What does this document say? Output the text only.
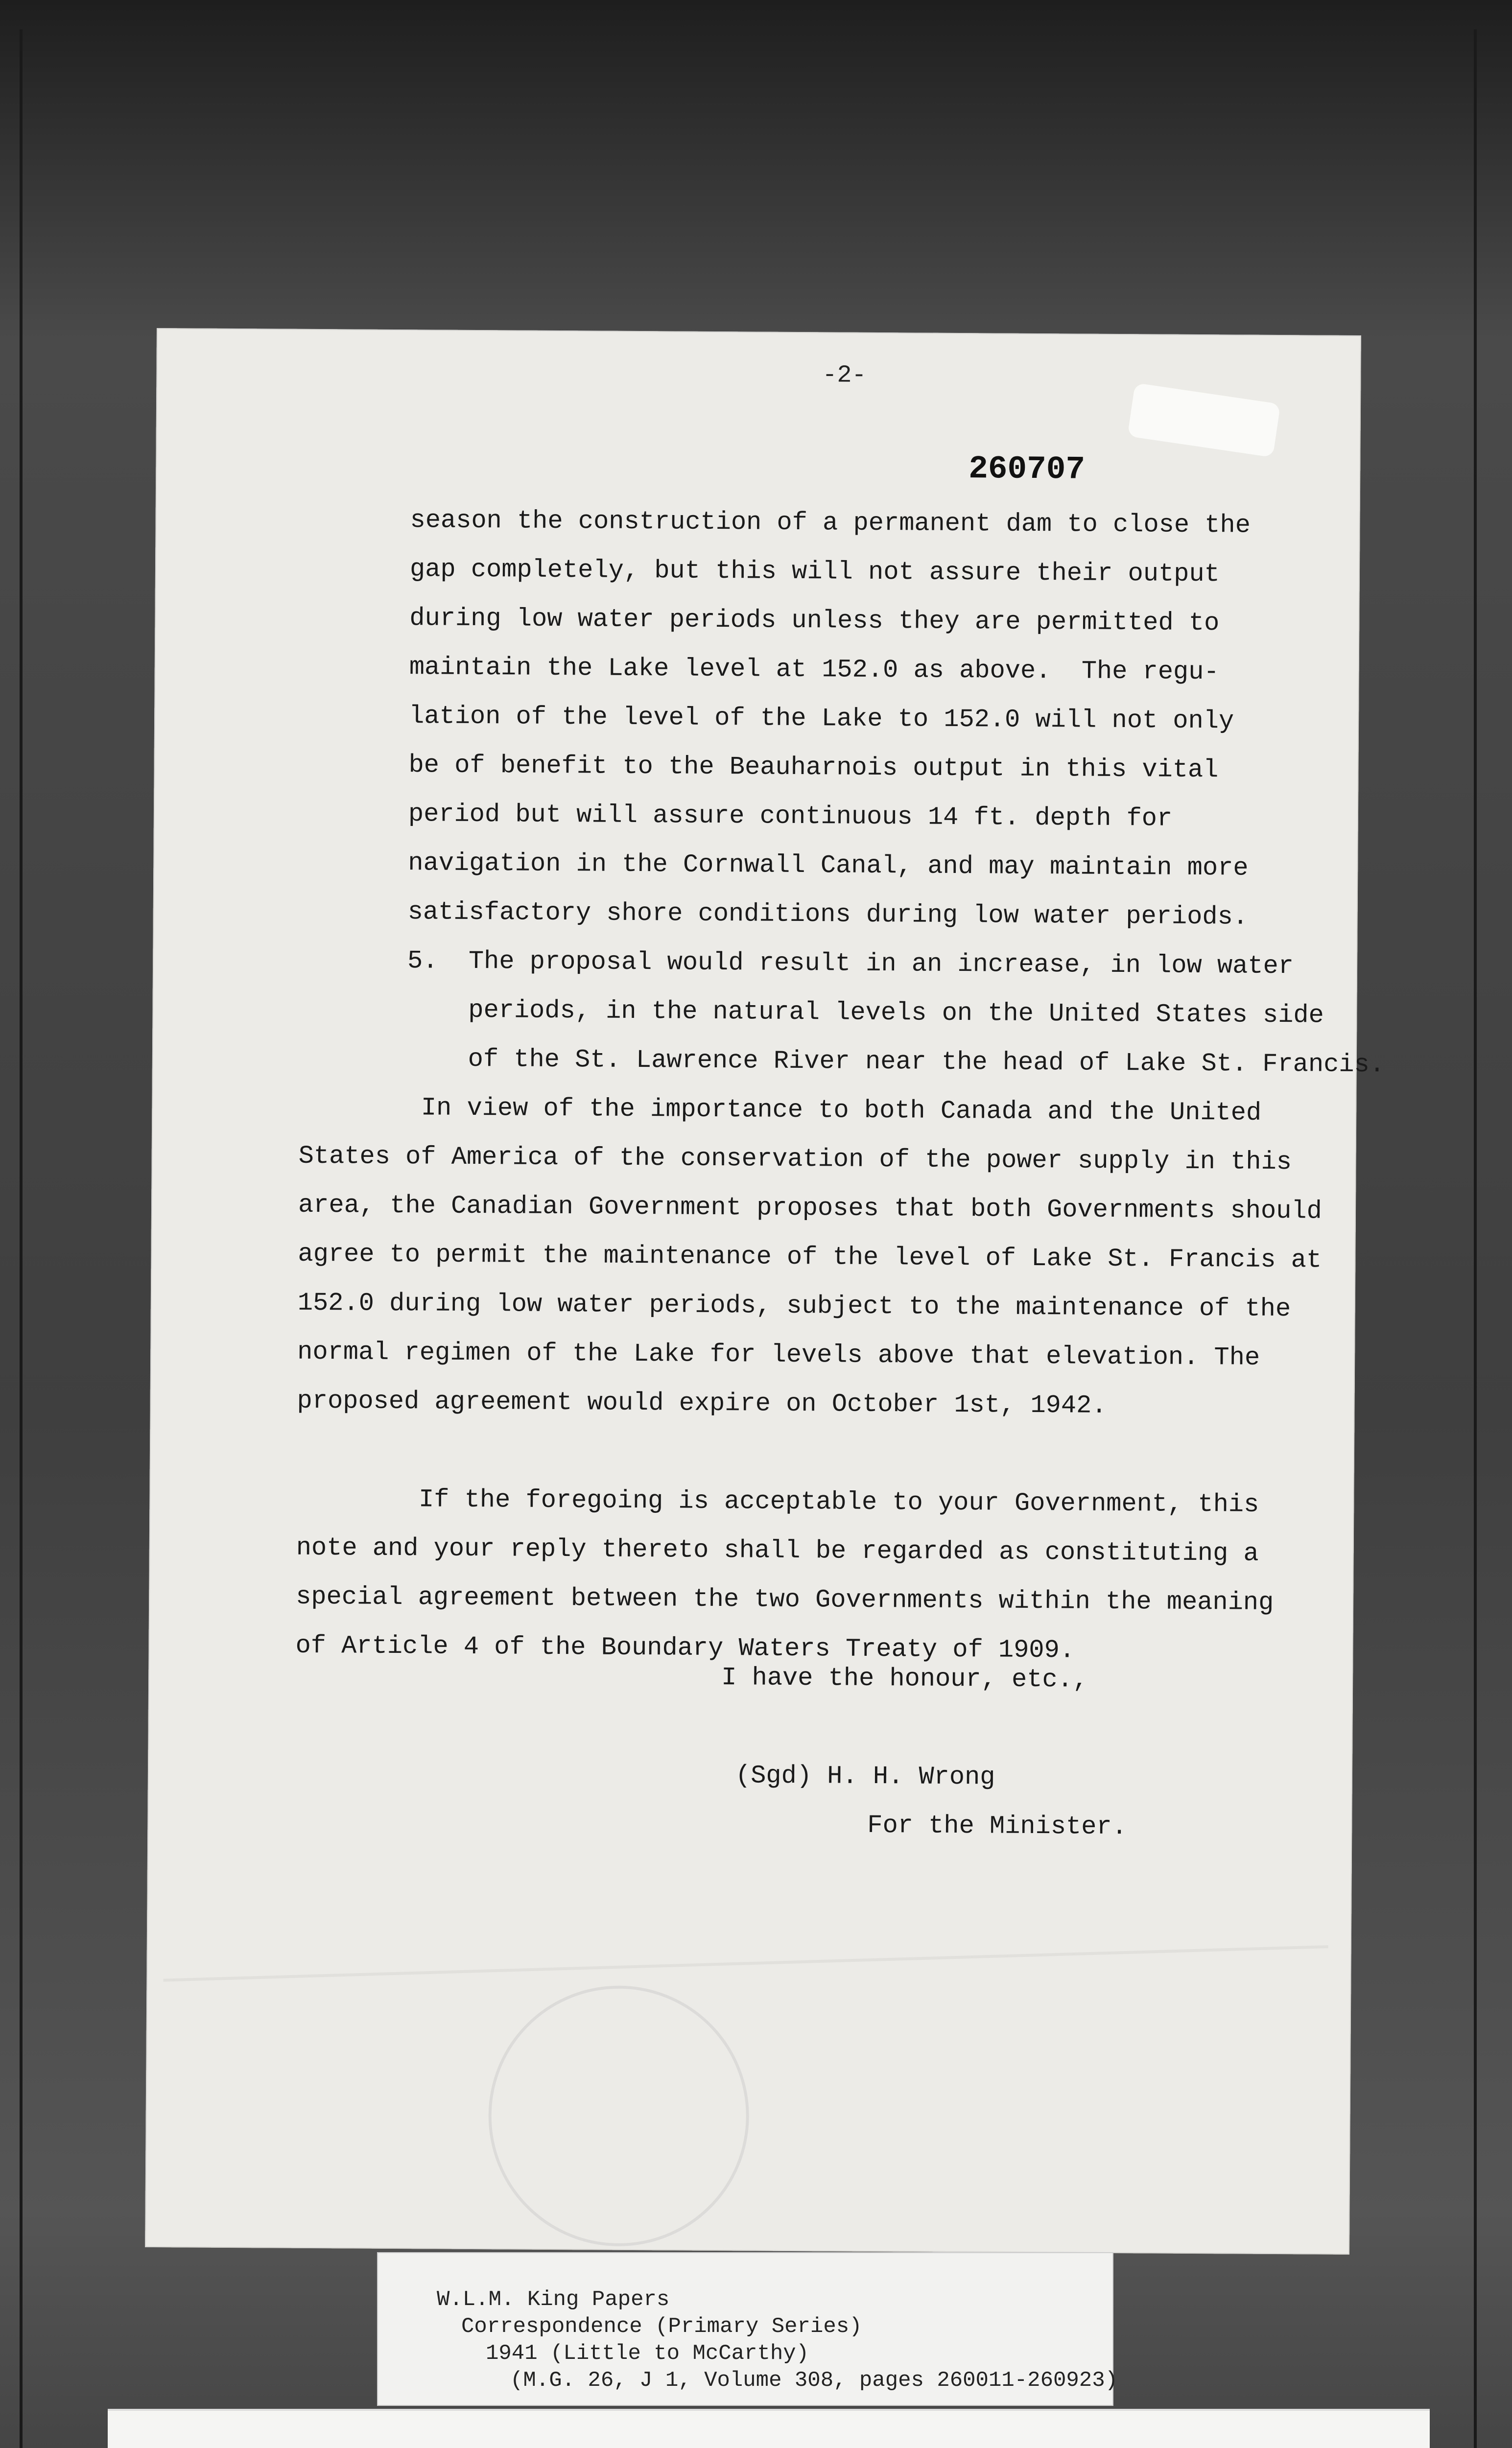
-2-
260707
season the construction of a permanent dam to close the
gap completely, but this will not assure their output
during low water periods unless they are permitted to
maintain the Lake level at 152.0 as above.  The regu-
lation of the level of the Lake to 152.0 will not only
be of benefit to the Beauharnois output in this vital
period but will assure continuous 14 ft. depth for
navigation in the Cornwall Canal, and may maintain more
satisfactory shore conditions during low water periods.
5.  The proposal would result in an increase, in low water
periods, in the natural levels on the United States side
of the St. Lawrence River near the head of Lake St. Francis.
In view of the importance to both Canada and the United
States of America of the conservation of the power supply in this
area, the Canadian Government proposes that both Governments should
agree to permit the maintenance of the level of Lake St. Francis at
152.0 during low water periods, subject to the maintenance of the
normal regimen of the Lake for levels above that elevation. The
proposed agreement would expire on October 1st, 1942.
If the foregoing is acceptable to your Government, this
note and your reply thereto shall be regarded as constituting a
special agreement between the two Governments within the meaning
of Article 4 of the Boundary Waters Treaty of 1909.
I have the honour, etc.,
(Sgd) H. H. Wrong
For the Minister.
W.L.M. King Papers
Correspondence (Primary Series)
1941 (Little to McCarthy)
(M.G. 26, J 1, Volume 308, pages 260011-260923)
